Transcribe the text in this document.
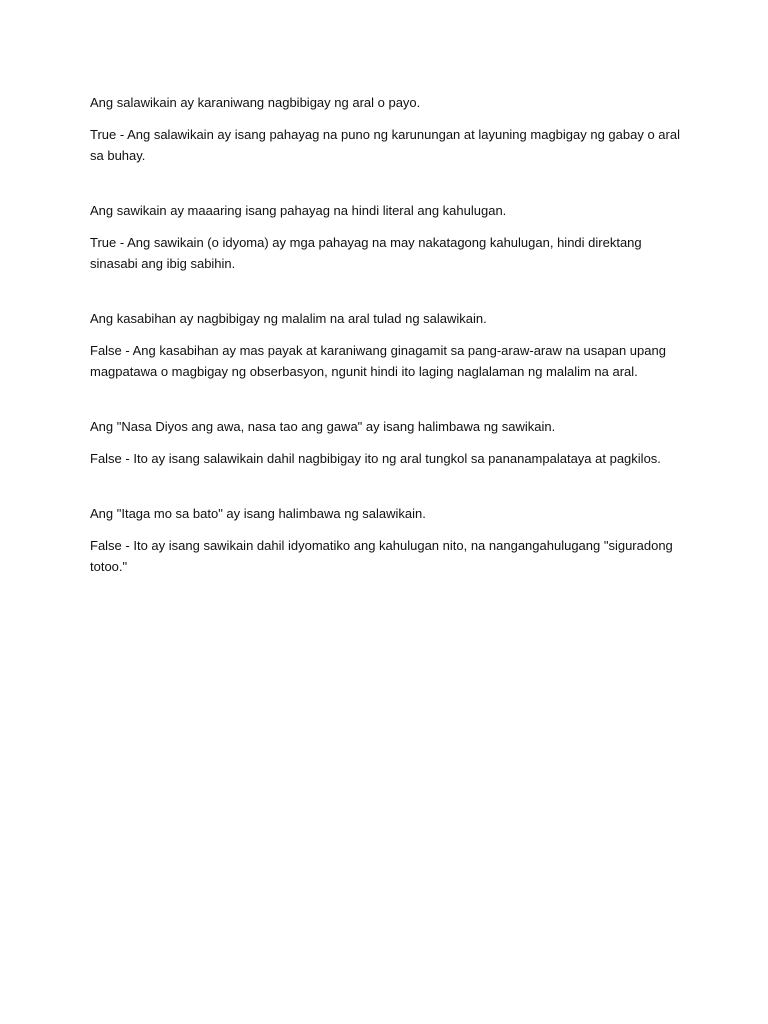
Ang salawikain ay karaniwang nagbibigay ng aral o payo.

True - Ang salawikain ay isang pahayag na puno ng karunungan at layuning magbigay ng gabay o aral sa buhay.

Ang sawikain ay maaaring isang pahayag na hindi literal ang kahulugan.

True - Ang sawikain (o idyoma) ay mga pahayag na may nakatagong kahulugan, hindi direktang sinasabi ang ibig sabihin.

Ang kasabihan ay nagbibigay ng malalim na aral tulad ng salawikain.

False - Ang kasabihan ay mas payak at karaniwang ginagamit sa pang-araw-araw na usapan upang magpatawa o magbigay ng obserbasyon, ngunit hindi ito laging naglalaman ng malalim na aral.

Ang "Nasa Diyos ang awa, nasa tao ang gawa" ay isang halimbawa ng sawikain.

False - Ito ay isang salawikain dahil nagbibigay ito ng aral tungkol sa pananampalataya at pagkilos.

Ang "Itaga mo sa bato" ay isang halimbawa ng salawikain.

False - Ito ay isang sawikain dahil idyomatiko ang kahulugan nito, na nangangahulugang "siguradong totoo."
